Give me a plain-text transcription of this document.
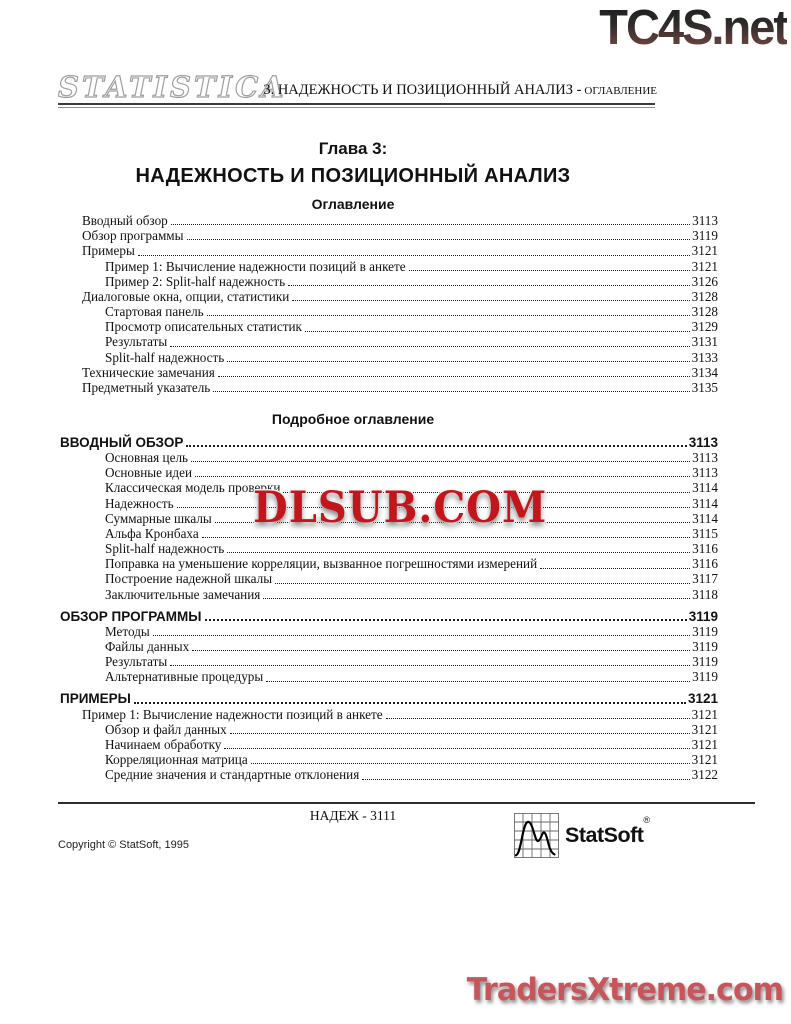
TC4S.net
STATISTICA
3. НАДЕЖНОСТЬ И ПОЗИЦИОННЫЙ АНАЛИЗ - ОГЛАВЛЕНИЕ
Глава 3:
НАДЕЖНОСТЬ И ПОЗИЦИОННЫЙ АНАЛИЗ
Оглавление
Вводный обзор	3113
Обзор программы	3119
Примеры	3121
Пример 1: Вычисление надежности позиций в анкете	3121
Пример 2: Split-half надежность	3126
Диалоговые окна, опции, статистики	3128
Стартовая панель	3128
Просмотр описательных статистик	3129
Результаты	3131
Split-half надежность	3133
Технические замечания	3134
Предметный указатель	3135
Подробное оглавление
ВВОДНЫЙ ОБЗОР	3113
Основная цель	3113
Основные идеи	3113
Классическая модель проверки	3114
Надежность	3114
Суммарные шкалы	3114
Альфа Кронбаха	3115
Split-half надежность	3116
Поправка на уменьшение корреляции, вызванное погрешностями измерений	3116
Построение надежной шкалы	3117
Заключительные замечания	3118
ОБЗОР ПРОГРАММЫ	3119
Методы	3119
Файлы данных	3119
Результаты	3119
Альтернативные процедуры	3119
ПРИМЕРЫ	3121
Пример 1: Вычисление надежности позиций в анкете	3121
Обзор и файл данных	3121
Начинаем обработку	3121
Корреляционная матрица	3121
Средние значения и стандартные отклонения	3122
DLSUB.COM
НАДЕЖ - 3111
Copyright © StatSoft, 1995	StatSoft®
TradersXtreme.com
